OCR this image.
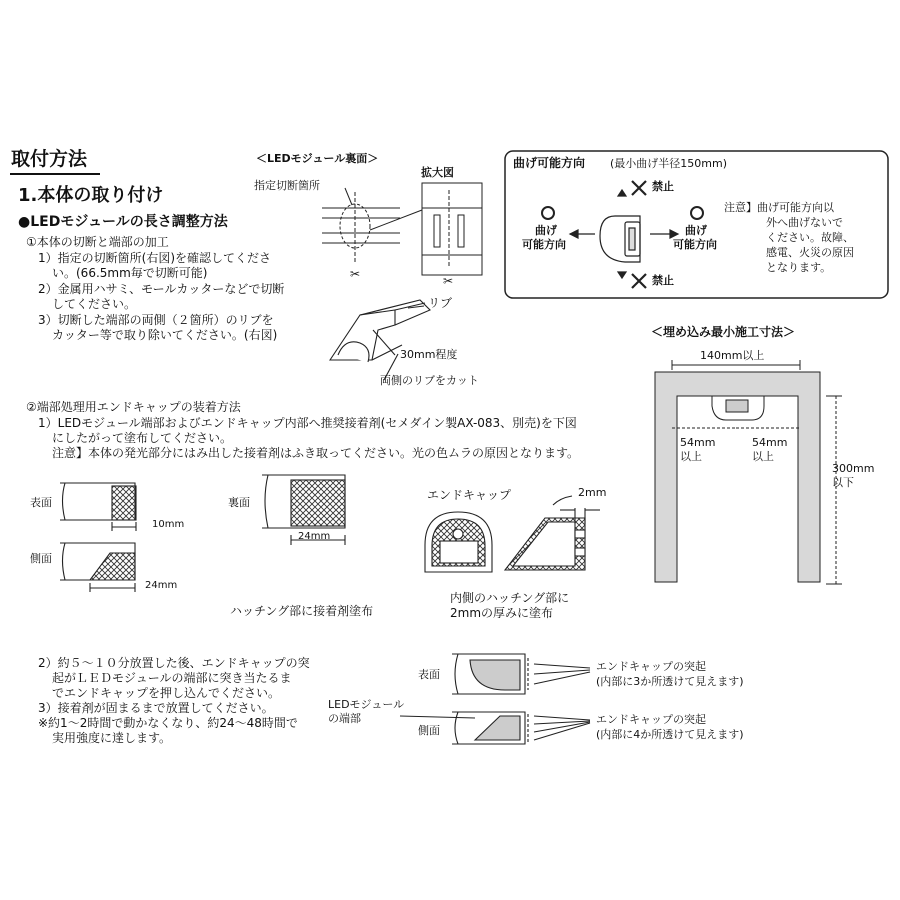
✂	✂
取付方法
1.本体の取り付け
●LEDモジュールの長さ調整方法
①本体の切断と端部の加工
1）指定の切断箇所(右図)を確認してくださ
い。(66.5mm毎で切断可能)
2）金属用ハサミ、モールカッターなどで切断
してください。
3）切断した端部の両側（２箇所）のリブを
カッター等で取り除いてください。(右図)
＜LEDモジュール裏面＞
指定切断箇所
拡大図
リブ
30mm程度
両側のリブをカット
曲げ可能方向 (最小曲げ半径150mm)
禁止
禁止
曲げ
可能方向
曲げ
可能方向
注意】曲げ可能方向以
外へ曲げないで
ください。故障、
感電、火災の原因
となります。
＜埋め込み最小施工寸法＞
140mm以上
54mm
以上
54mm
以上
300mm
以下
②端部処理用エンドキャップの装着方法
1）LEDモジュール端部およびエンドキャップ内部へ推奨接着剤(セメダイン製AX-083、別売)を下図
にしたがって塗布してください。
注意】本体の発光部分にはみ出した接着剤はふき取ってください。光の色ムラの原因となります。
表面
側面
裏面
10mm
24mm
24mm
ハッチング部に接着剤塗布
エンドキャップ	2mm
内側のハッチング部に
2mmの厚みに塗布
2）約５～１０分放置した後、エンドキャップの突
起がＬＥＤモジュールの端部に突き当たるま
でエンドキャップを押し込んでください。
3）接着剤が固まるまで放置してください。
※約1～2時間で動かなくなり、約24～48時間で
実用強度に達します。
表面
側面
LEDモジュール
の端部
エンドキャップの突起
(内部に3か所透けて見えます)
エンドキャップの突起
(内部に4か所透けて見えます)
